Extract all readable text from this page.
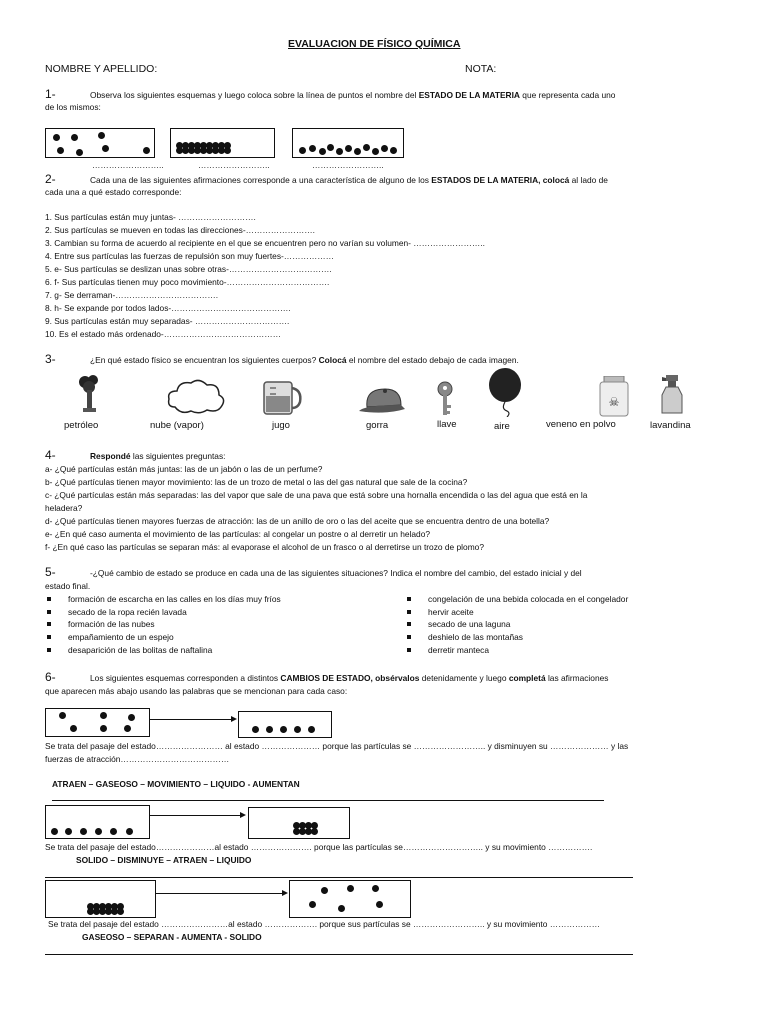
EVALUACION DE FÍSICO QUÍMICA
NOMBRE Y APELLIDO:	NOTA:
1-	Observa los siguientes esquemas y luego coloca sobre la línea de puntos el nombre del ESTADO DE LA MATERIA que representa cada uno
de los mismos:
……………………..	……………………..	……………………..
2-	Cada una de las siguientes afirmaciones corresponde a una característica de alguno de los ESTADOS DE LA MATERIA, colocá al lado de
cada una a qué estado corresponde:
1. Sus partículas están muy juntas- ……………………….
2. Sus partículas se mueven en todas las direcciones-…………………….
3. Cambian su forma de acuerdo al recipiente en el que se encuentren pero no varían su volumen- ……………………..
4. Entre sus partículas las fuerzas de repulsión son muy fuertes-………………
5. e- Sus partículas se deslizan unas sobre otras-……………………………….
6. f- Sus partículas tienen muy poco movimiento-……………………………….
7. g- Se derraman-……………………………….
8. h- Se expande por todos lados-…………………………………….
9. Sus partículas están muy separadas- …………………………….
10. Es el estado más ordenado-……………………………………
3-	¿En qué estado físico se encuentran los siguientes cuerpos? Colocá el nombre del estado debajo de cada imagen.
☠
petróleo	nube (vapor)	jugo	gorra	llave	aire	veneno en polvo	lavandina
4-	Respondé las siguientes preguntas:
a- ¿Qué partículas están más juntas: las de un jabón o las de un perfume?
b- ¿Qué partículas tienen mayor movimiento: las de un trozo de metal o las del gas natural que sale de la cocina?
c- ¿Qué partículas están más separadas: las del vapor que sale de una pava que está sobre una hornalla encendida o las del agua que está en la
heladera?
d- ¿Qué partículas tienen mayores fuerzas de atracción: las de un anillo de oro o las del aceite que se encuentra dentro de una botella?
e- ¿En qué caso aumenta el movimiento de las partículas: al congelar un postre o al derretir un helado?
f- ¿En qué caso las partículas se separan más: al evaporase el alcohol de un frasco o al derretirse un trozo de plomo?
5-	-¿Qué cambio de estado se produce en cada una de las siguientes situaciones? Indica el nombre del cambio, del estado inicial y del
estado final.
formación de escarcha en las calles en los días muy fríos
secado de la ropa recién lavada
formación de las nubes
empañamiento de un espejo
desaparición de las bolitas de naftalina
congelación de una bebida colocada en el congelador
hervir aceite
secado de una laguna
deshielo de las montañas
derretir manteca
6-	Los siguientes esquemas corresponden a distintos CAMBIOS DE ESTADO, obsérvalos detenidamente y luego completá las afirmaciones
que aparecen más abajo usando las palabras que se mencionan para cada caso:
Se trata del pasaje del estado…………………… al estado ………………… porque las partículas se …………………….. y disminuyen su ………………… y las
fuerzas de atracción…………………………………
ATRAEN – GASEOSO – MOVIMIENTO – LIQUIDO - AUMENTAN
Se trata del pasaje del estado…………………al estado …………………. porque las partículas se……………………….. y su movimiento …………….
SOLIDO – DISMINUYE – ATRAEN – LIQUIDO
Se trata del pasaje del estado ……………………al estado ………………. porque sus partículas se …………………….. y su movimiento ………………
GASEOSO – SEPARAN - AUMENTA - SOLIDO
